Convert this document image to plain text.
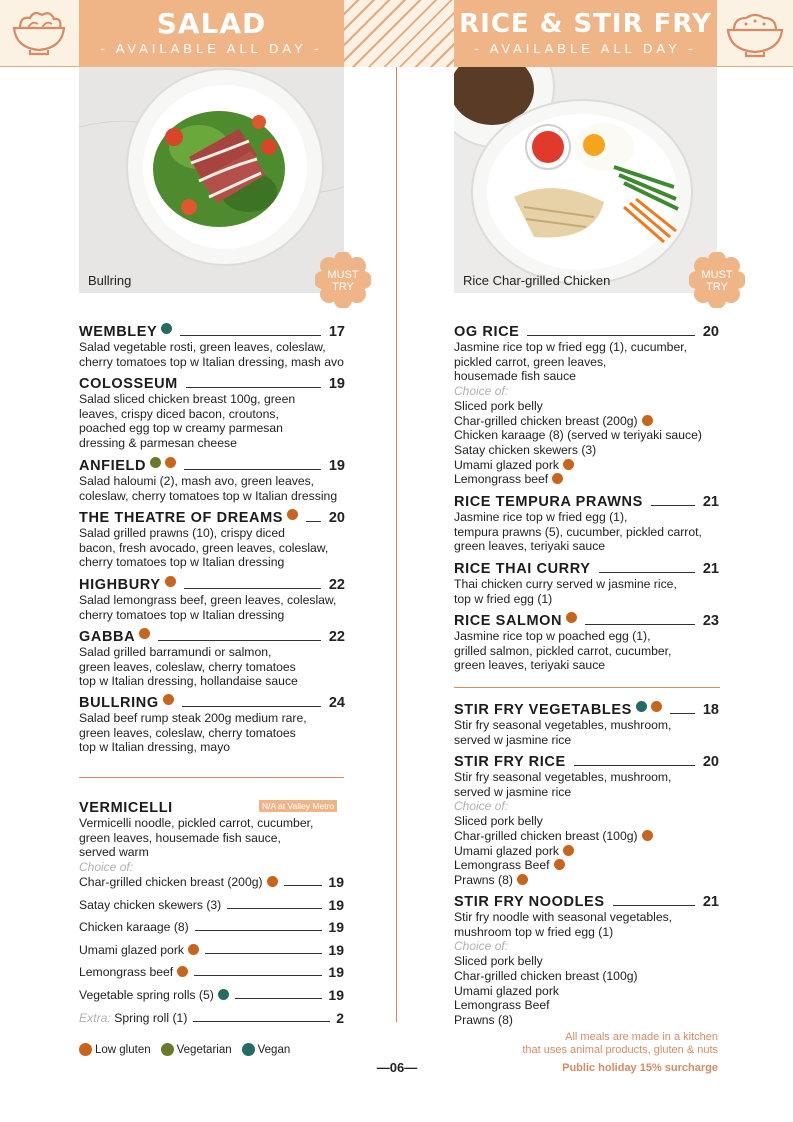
SALAD
- AVAILABLE ALL DAY -
RICE & STIR FRY
- AVAILABLE ALL DAY -
Bullring	MUST
TRY	Rice Char-grilled Chicken	MUST
TRY
WEMBLEY	17
Salad vegetable rosti, green leaves, coleslaw,
cherry tomatoes top w Italian dressing, mash avo
COLOSSEUM	19
Salad sliced chicken breast 100g, green
leaves, crispy diced bacon, croutons,
poached egg top w creamy parmesan
dressing & parmesan cheese
ANFIELD	19
Salad haloumi (2), mash avo, green leaves,
coleslaw, cherry tomatoes top w Italian dressing
THE THEATRE OF DREAMS	20
Salad grilled prawns (10), crispy diced
bacon, fresh avocado, green leaves, coleslaw,
cherry tomatoes top w Italian dressing
HIGHBURY	22
Salad lemongrass beef, green leaves, coleslaw,
cherry tomatoes top w Italian dressing
GABBA	22
Salad grilled barramundi or salmon,
green leaves, coleslaw, cherry tomatoes
top w Italian dressing, hollandaise sauce
BULLRING	24
Salad beef rump steak 200g medium rare,
green leaves, coleslaw, cherry tomatoes
top w Italian dressing, mayo
VERMICELLI
Vermicelli noodle, pickled carrot, cucumber,
green leaves, housemade fish sauce,
served warm
Choice of:
Char-grilled chicken breast (200g)	19
Satay chicken skewers (3)	19
Chicken karaage (8)	19
Umami glazed pork	19
Lemongrass beef	19
Vegetable spring rolls (5)	19
Extra: Spring roll (1)	2
N/A at Valley Metro
Low gluten Vegetarian Vegan
OG RICE	20
Jasmine rice top w fried egg (1), cucumber,
pickled carrot, green leaves,
housemade fish sauce
Choice of:
Sliced pork belly
Char-grilled chicken breast (200g)
Chicken karaage (8) (served w teriyaki sauce)
Satay chicken skewers (3)
Umami glazed pork
Lemongrass beef
RICE TEMPURA PRAWNS	21
Jasmine rice top w fried egg (1),
tempura prawns (5), cucumber, pickled carrot,
green leaves, teriyaki sauce
RICE THAI CURRY	21
Thai chicken curry served w jasmine rice,
top w fried egg (1)
RICE SALMON	23
Jasmine rice top w poached egg (1),
grilled salmon, pickled carrot, cucumber,
green leaves, teriyaki sauce
STIR FRY VEGETABLES	18
Stir fry seasonal vegetables, mushroom,
served w jasmine rice
STIR FRY RICE	20
Stir fry seasonal vegetables, mushroom,
served w jasmine rice
Choice of:
Sliced pork belly
Char-grilled chicken breast (100g)
Umami glazed pork
Lemongrass Beef
Prawns (8)
STIR FRY NOODLES	21
Stir fry noodle with seasonal vegetables,
mushroom top w fried egg (1)
Choice of:
Sliced pork belly
Char-grilled chicken breast (100g)
Umami glazed pork
Lemongrass Beef
Prawns (8)
All meals are made in a kitchen
that uses animal products, gluten & nuts
—06—	Public holiday 15% surcharge
